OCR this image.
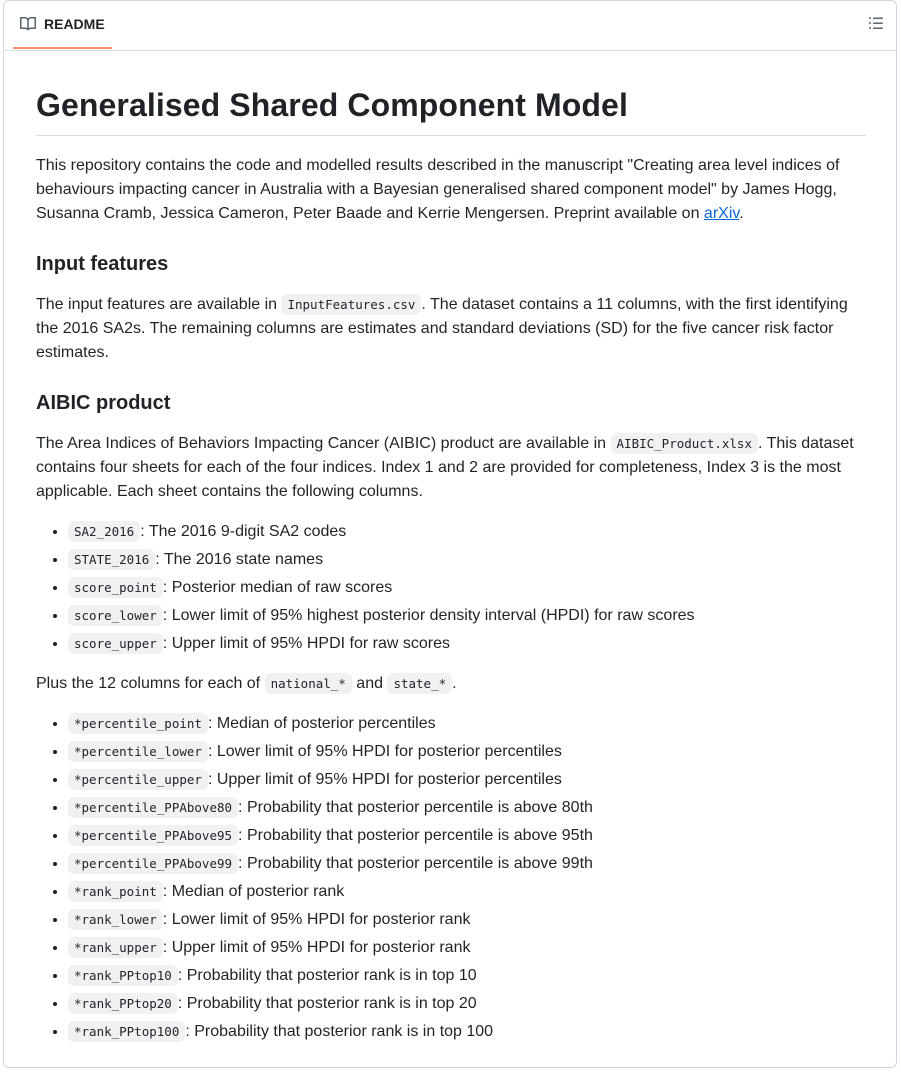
README
Generalised Shared Component Model

This repository contains the code and modelled results described in the manuscript "Creating area level indices of behaviours impacting cancer in Australia with a Bayesian generalised shared component model" by James Hogg, Susanna Cramb, Jessica Cameron, Peter Baade and Kerrie Mengersen. Preprint available on arXiv.

Input features

The input features are available in InputFeatures.csv . The dataset contains a 11 columns, with the first identifying the 2016 SA2s. The remaining columns are estimates and standard deviations (SD) for the five cancer risk factor estimates.

AIBIC product

The Area Indices of Behaviors Impacting Cancer (AIBIC) product are available in AIBIC_Product.xlsx . This dataset contains four sheets for each of the four indices. Index 1 and 2 are provided for completeness, Index 3 is the most applicable. Each sheet contains the following columns.

• SA2_2016 : The 2016 9-digit SA2 codes
• STATE_2016 : The 2016 state names
• score_point : Posterior median of raw scores
• score_lower : Lower limit of 95% highest posterior density interval (HPDI) for raw scores
• score_upper : Upper limit of 95% HPDI for raw scores

Plus the 12 columns for each of national_* and state_* .

• *percentile_point : Median of posterior percentiles
• *percentile_lower : Lower limit of 95% HPDI for posterior percentiles
• *percentile_upper : Upper limit of 95% HPDI for posterior percentiles
• *percentile_PPAbove80 : Probability that posterior percentile is above 80th
• *percentile_PPAbove95 : Probability that posterior percentile is above 95th
• *percentile_PPAbove99 : Probability that posterior percentile is above 99th
• *rank_point : Median of posterior rank
• *rank_lower : Lower limit of 95% HPDI for posterior rank
• *rank_upper : Upper limit of 95% HPDI for posterior rank
• *rank_PPtop10 : Probability that posterior rank is in top 10
• *rank_PPtop20 : Probability that posterior rank is in top 20
• *rank_PPtop100 : Probability that posterior rank is in top 100
